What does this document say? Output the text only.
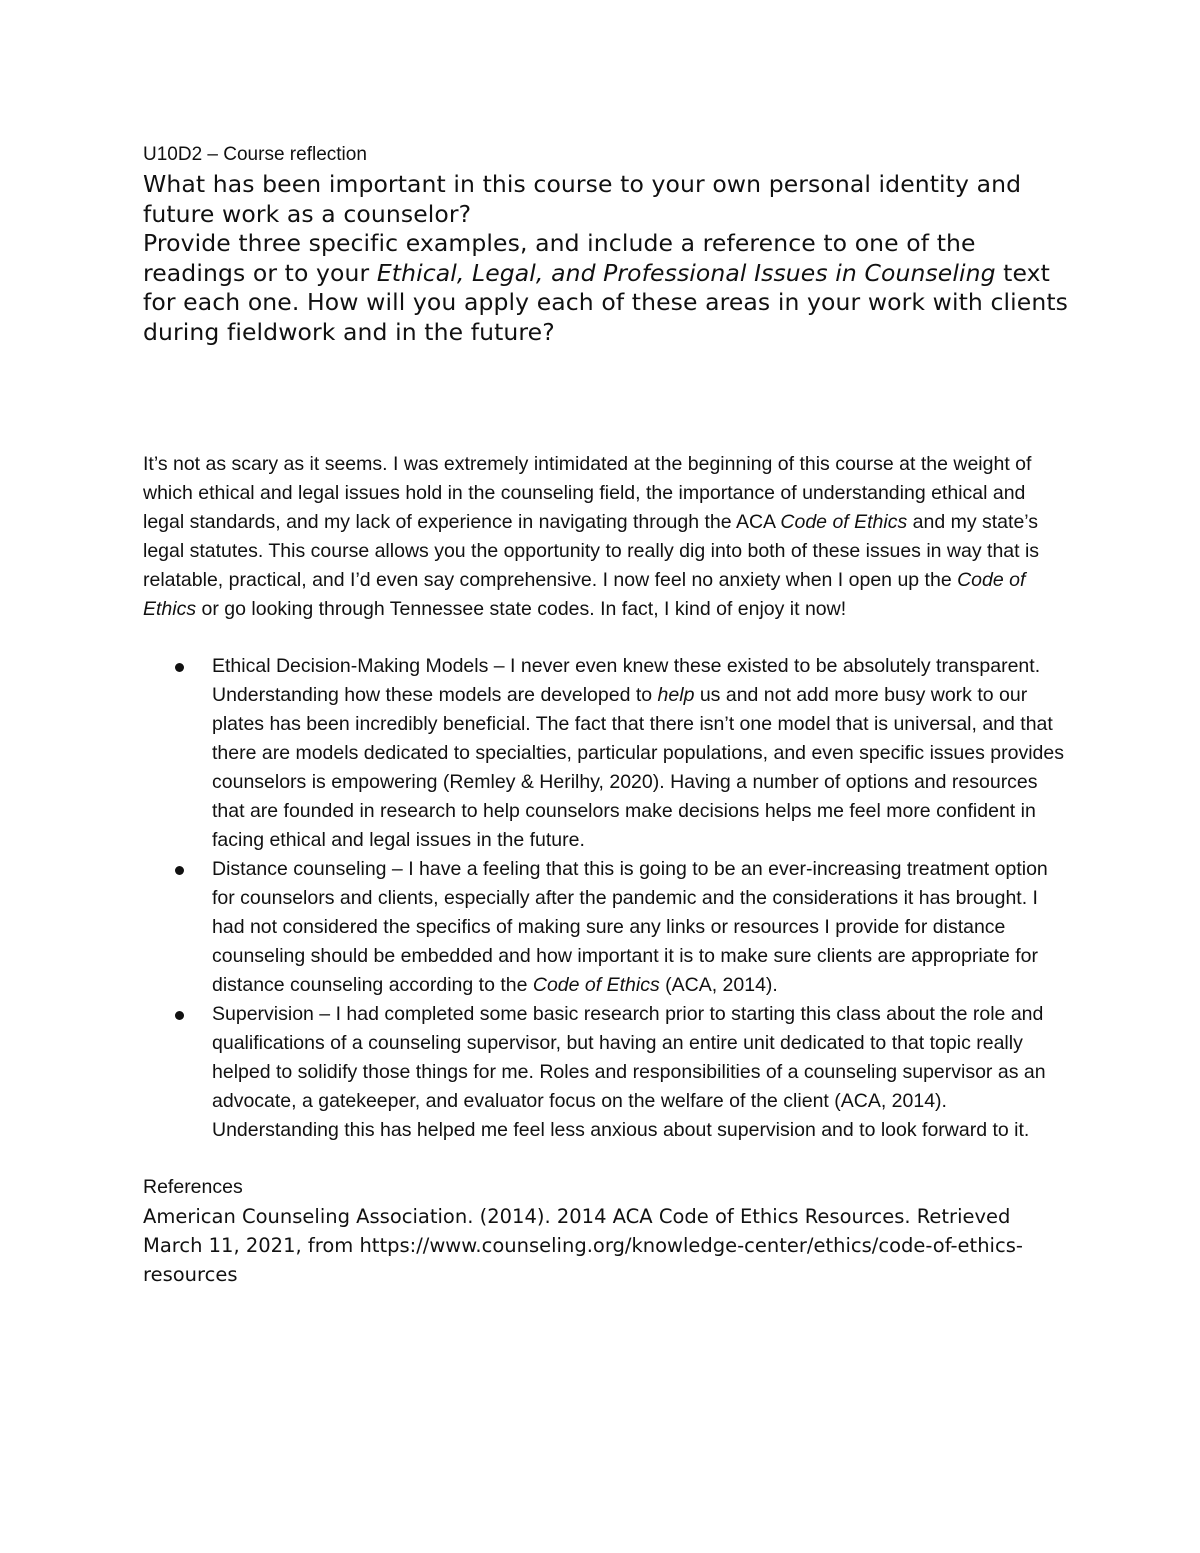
U10D2 – Course reflection

What has been important in this course to your own personal identity and future work as a counselor?

Provide three specific examples, and include a reference to one of the readings or to your Ethical, Legal, and Professional Issues in Counseling text for each one. How will you apply each of these areas in your work with clients during fieldwork and in the future?

It’s not as scary as it seems. I was extremely intimidated at the beginning of this course at the weight of which ethical and legal issues hold in the counseling field, the importance of understanding ethical and legal standards, and my lack of experience in navigating through the ACA Code of Ethics and my state’s legal statutes. This course allows you the opportunity to really dig into both of these issues in way that is relatable, practical, and I’d even say comprehensive. I now feel no anxiety when I open up the Code of Ethics or go looking through Tennessee state codes. In fact, I kind of enjoy it now!

Ethical Decision-Making Models – I never even knew these existed to be absolutely transparent. Understanding how these models are developed to help us and not add more busy work to our plates has been incredibly beneficial. The fact that there isn’t one model that is universal, and that there are models dedicated to specialties, particular populations, and even specific issues provides counselors is empowering (Remley & Herilhy, 2020). Having a number of options and resources that are founded in research to help counselors make decisions helps me feel more confident in facing ethical and legal issues in the future.
Distance counseling – I have a feeling that this is going to be an ever-increasing treatment option for counselors and clients, especially after the pandemic and the considerations it has brought. I had not considered the specifics of making sure any links or resources I provide for distance counseling should be embedded and how important it is to make sure clients are appropriate for distance counseling according to the Code of Ethics (ACA, 2014).
Supervision – I had completed some basic research prior to starting this class about the role and qualifications of a counseling supervisor, but having an entire unit dedicated to that topic really helped to solidify those things for me. Roles and responsibilities of a counseling supervisor as an advocate, a gatekeeper, and evaluator focus on the welfare of the client (ACA, 2014). Understanding this has helped me feel less anxious about supervision and to look forward to it.

References

American Counseling Association. (2014). 2014 ACA Code of Ethics Resources. Retrieved March 11, 2021, from https://www.counseling.org/knowledge-center/ethics/code-of-ethics-resources
